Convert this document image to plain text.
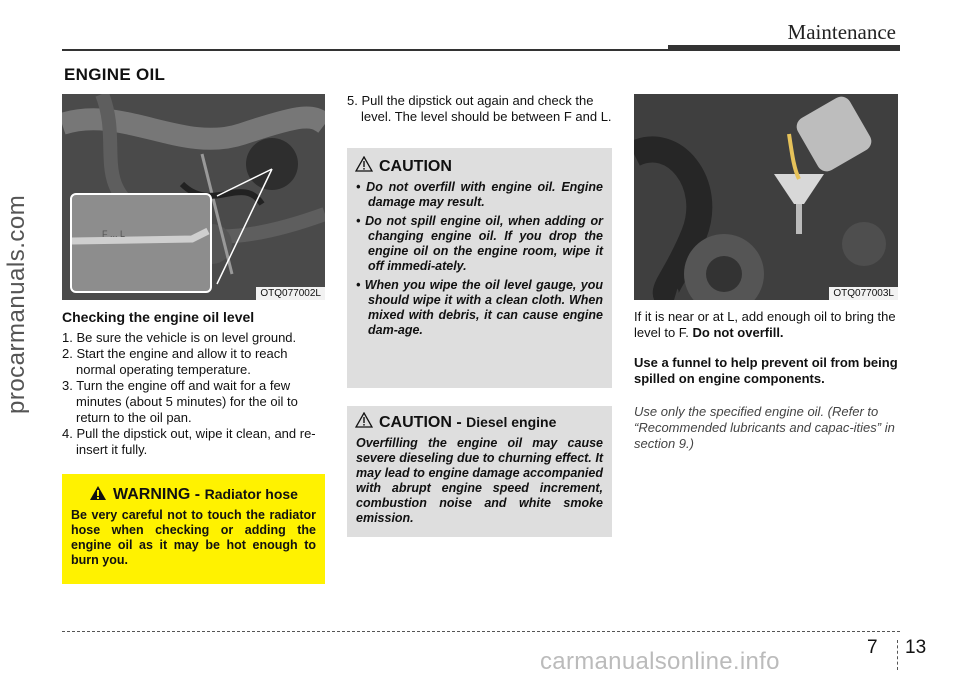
Maintenance
ENGINE OIL
procarmanuals.com	F ... L
OTQ077002L	OTQ077003L
Checking the engine oil level
1. Be sure the vehicle is on level ground.
2. Start the engine and allow it to reach normal operating temperature.
3. Turn the engine off and wait for a few minutes (about 5 minutes) for the oil to return to the oil pan.
4. Pull the dipstick out, wipe it clean, and re-insert it fully.
WARNING - Radiator hose
Be very careful not to touch the radiator hose when checking or adding the engine oil as it may be hot enough to burn you.
5. Pull the dipstick out again and check the level. The level should be between F and L.
CAUTION
• Do not overfill with engine oil. Engine damage may result.
• Do not spill engine oil, when adding or changing engine oil. If you drop the engine oil on the engine room, wipe it off immedi-ately.
• When you wipe the oil level gauge, you should wipe it with a clean cloth. When mixed with debris, it can cause engine dam-age.
CAUTION - Diesel engine
Overfilling the engine oil may cause severe dieseling due to churning effect. It may lead to engine damage accompanied with abrupt engine speed increment, combustion noise and white smoke emission.
If it is near or at L, add enough oil to bring the level to F. Do not overfill.
Use a funnel to help prevent oil from being spilled on engine components.
Use only the specified engine oil. (Refer to “Recommended lubricants and capac-ities” in section 9.)
7 13
carmanualsonline.info
